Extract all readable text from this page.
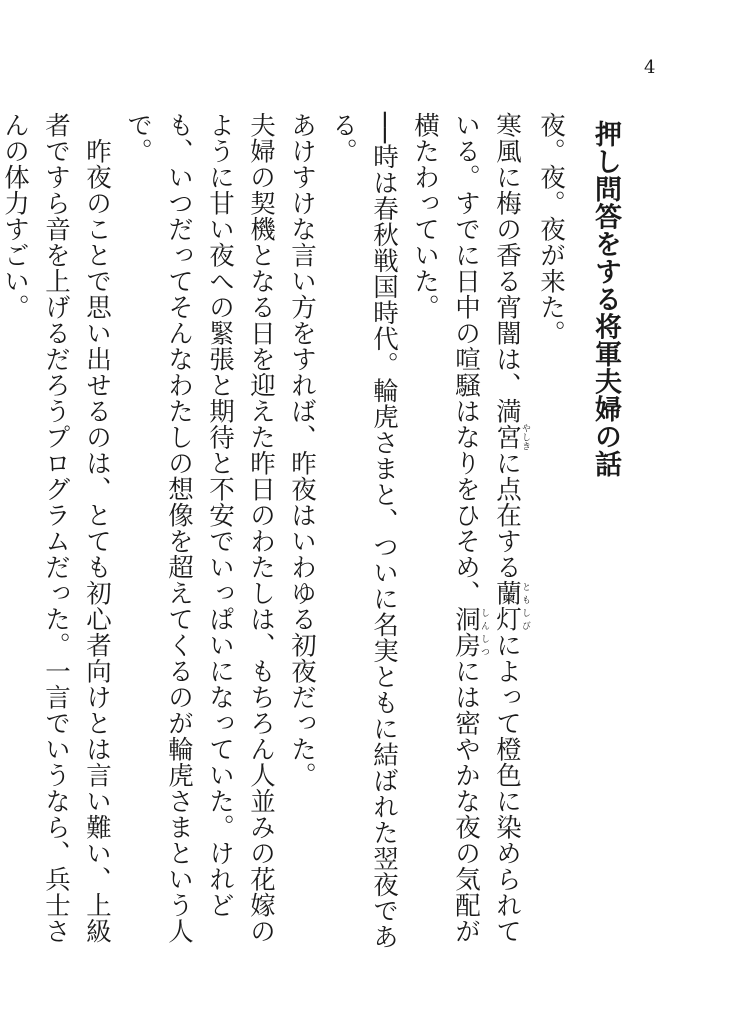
4
押し問答をする将軍夫婦の話

夜。夜。夜が来た。

寒風に梅の香る宵闇は、満宮やしきに点在する蘭灯ともしびによって橙色に染められている。すでに日中の喧騒はなりをひそめ、洞房しんしつには密やかな夜の気配が横たわっていた。

──時は春秋戦国時代。輪虎さまと、ついに名実ともに結ばれた翌夜である。

あけすけな言い方をすれば、昨夜はいわゆる初夜だった。

夫婦の契機となる日を迎えた昨日のわたしは、もちろん人並みの花嫁のように甘い夜への緊張と期待と不安でいっぱいになっていた。けれども、いつだってそんなわたしの想像を超えてくるのが輪虎さまという人で。

昨夜のことで思い出せるのは、とても初心者向けとは言い難い、上級者ですら音を上げるだろうプログラムだった。一言でいうなら、兵士さんの体力すごい。
